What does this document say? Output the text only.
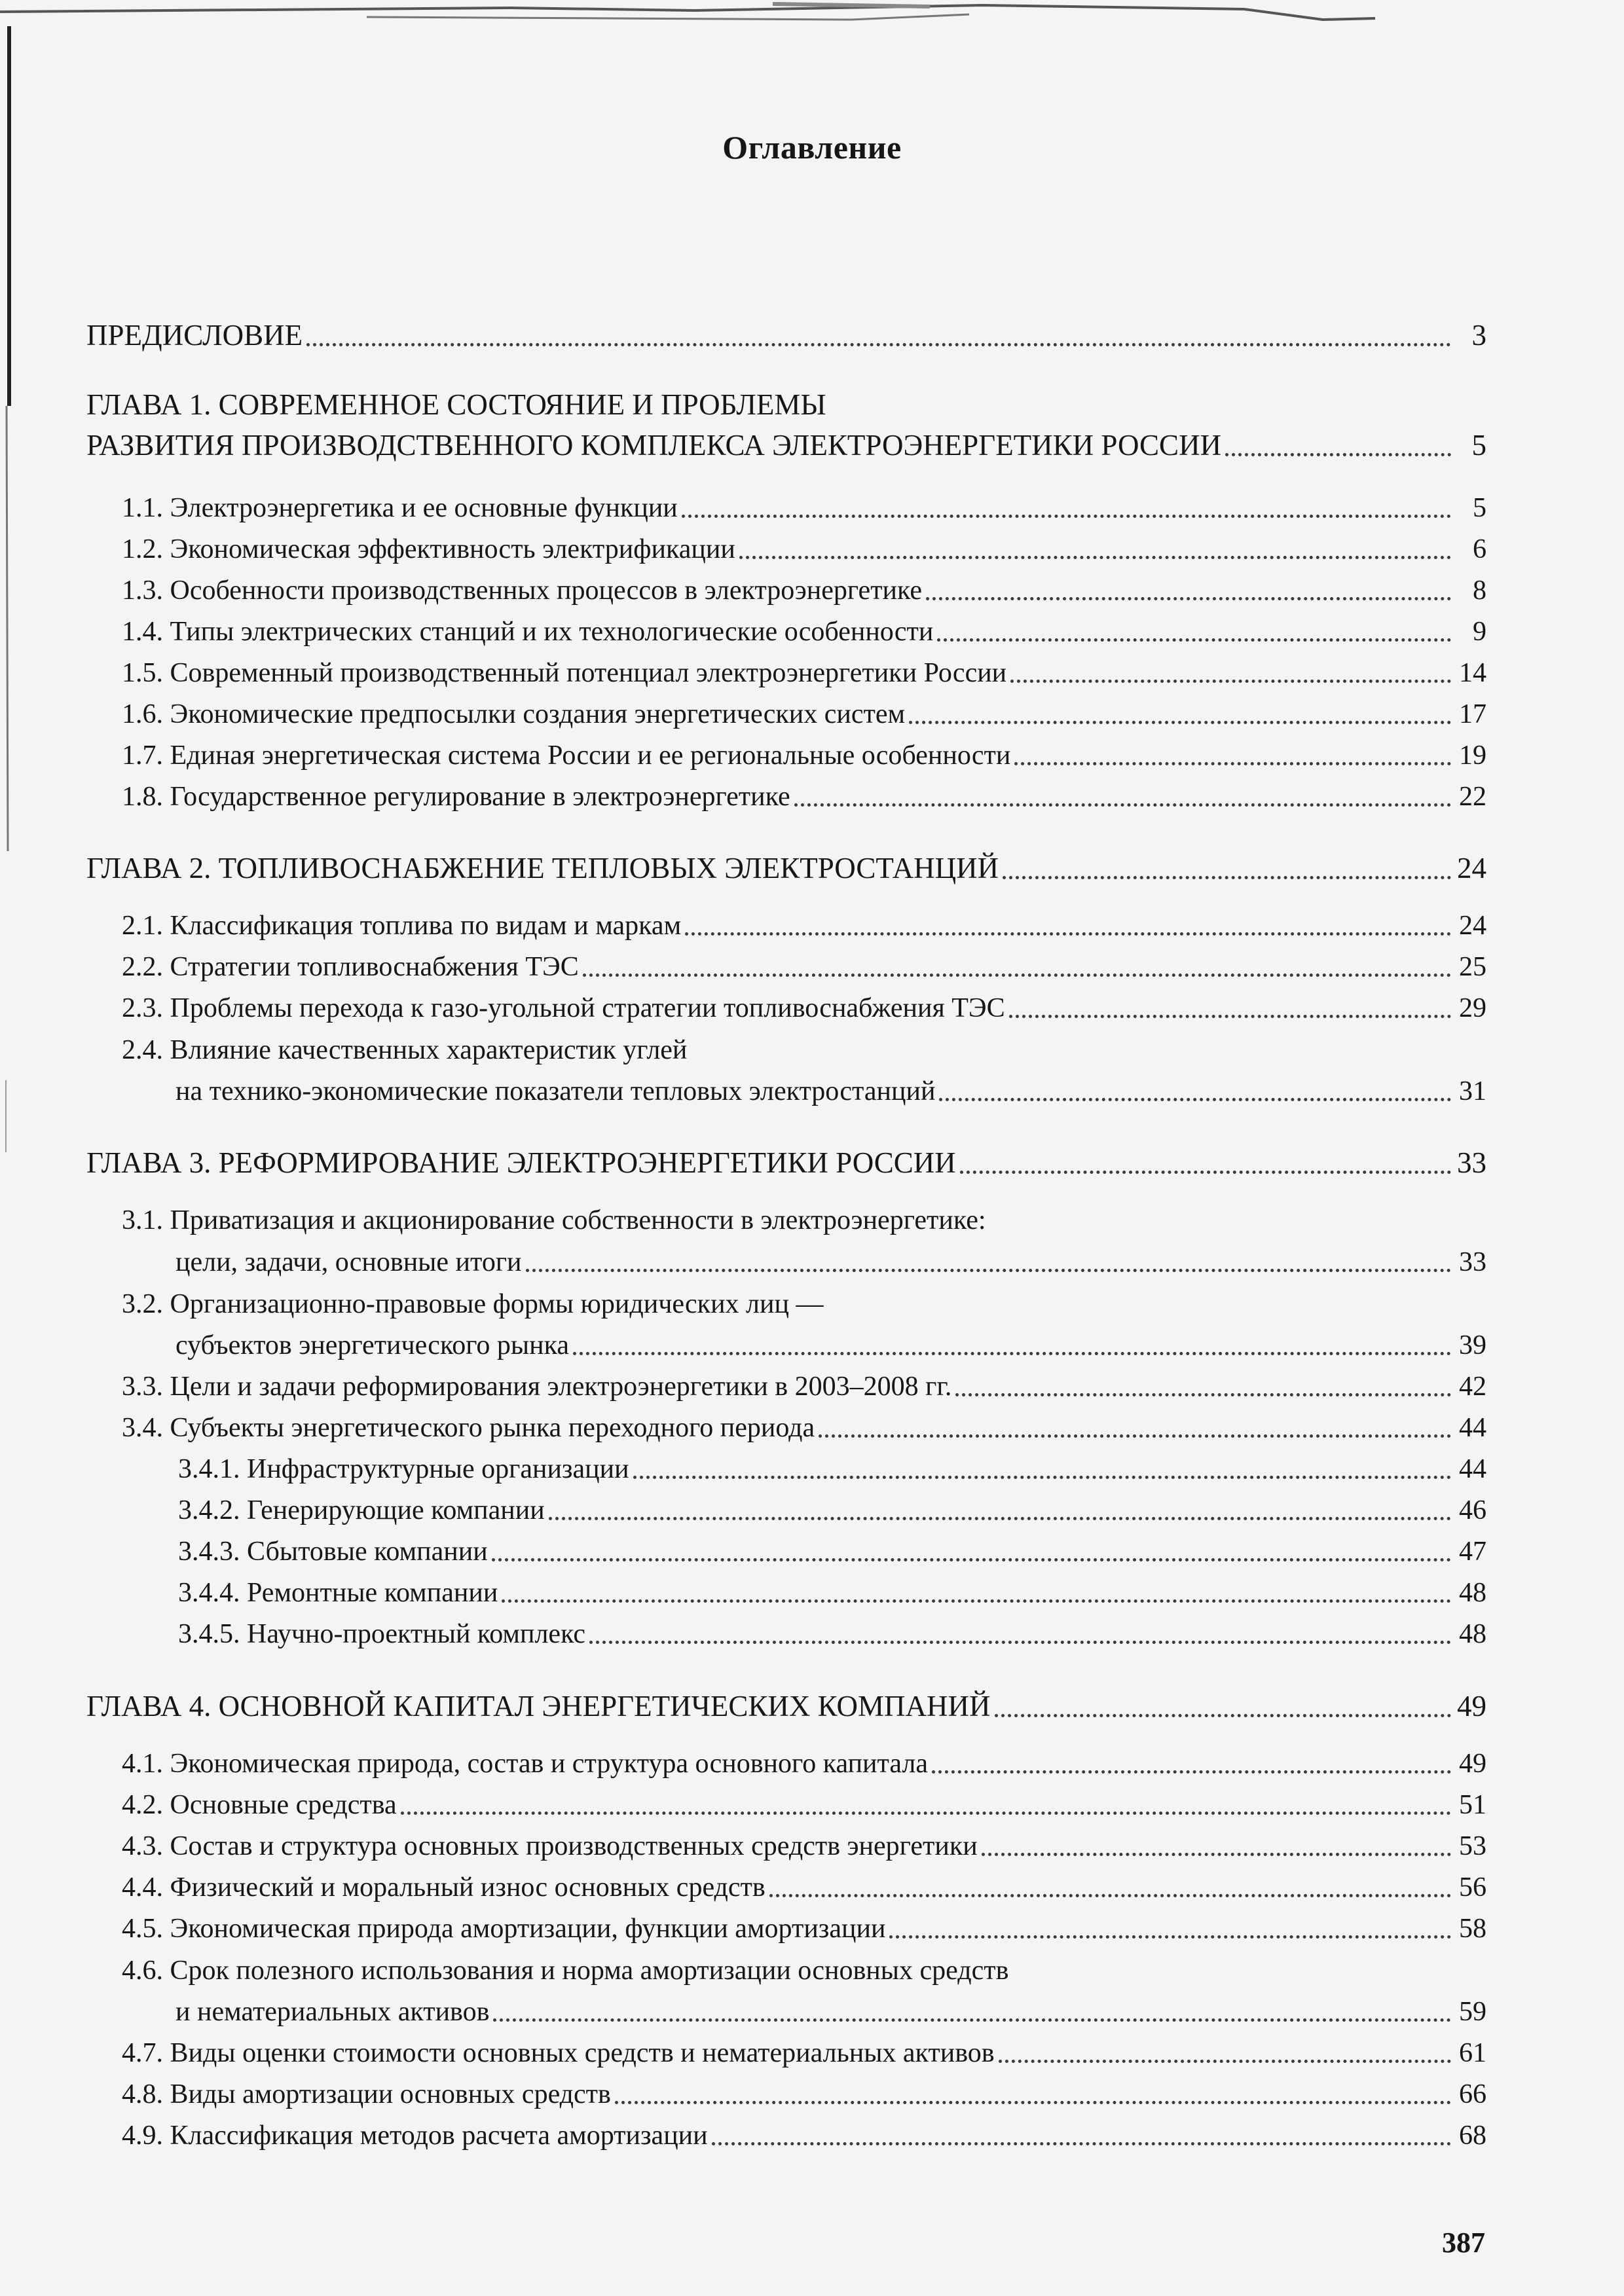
Оглавление
ПРЕДИСЛОВИЕ	3
ГЛАВА 1. СОВРЕМЕННОЕ СОСТОЯНИЕ И ПРОБЛЕМЫ
РАЗВИТИЯ ПРОИЗВОДСТВЕННОГО КОМПЛЕКСА ЭЛЕКТРОЭНЕРГЕТИКИ РОССИИ	5
1.1. Электроэнергетика и ее основные функции	5
1.2. Экономическая эффективность электрификации	6
1.3. Особенности производственных процессов в электроэнергетике	8
1.4. Типы электрических станций и их технологические особенности	9
1.5. Современный производственный потенциал электроэнергетики России	14
1.6. Экономические предпосылки создания энергетических систем	17
1.7. Единая энергетическая система России и ее региональные особенности	19
1.8. Государственное регулирование в электроэнергетике	22
ГЛАВА 2. ТОПЛИВОСНАБЖЕНИЕ ТЕПЛОВЫХ ЭЛЕКТРОСТАНЦИЙ	24
2.1. Классификация топлива по видам и маркам	24
2.2. Стратегии топливоснабжения ТЭС	25
2.3. Проблемы перехода к газо-угольной стратегии топливоснабжения ТЭС	29
2.4. Влияние качественных характеристик углей
на технико-экономические показатели тепловых электростанций	31
ГЛАВА 3. РЕФОРМИРОВАНИЕ ЭЛЕКТРОЭНЕРГЕТИКИ РОССИИ	33
3.1. Приватизация и акционирование собственности в электроэнергетике:
цели, задачи, основные итоги	33
3.2. Организационно-правовые формы юридических лиц —
субъектов энергетического рынка	39
3.3. Цели и задачи реформирования электроэнергетики в 2003–2008 гг.	42
3.4. Субъекты энергетического рынка переходного периода	44
3.4.1. Инфраструктурные организации	44
3.4.2. Генерирующие компании	46
3.4.3. Сбытовые компании	47
3.4.4. Ремонтные компании	48
3.4.5. Научно-проектный комплекс	48
ГЛАВА 4. ОСНОВНОЙ КАПИТАЛ ЭНЕРГЕТИЧЕСКИХ КОМПАНИЙ	49
4.1. Экономическая природа, состав и структура основного капитала	49
4.2. Основные средства	51
4.3. Состав и структура основных производственных средств энергетики	53
4.4. Физический и моральный износ основных средств	56
4.5. Экономическая природа амортизации, функции амортизации	58
4.6. Срок полезного использования и норма амортизации основных средств
и нематериальных активов	59
4.7. Виды оценки стоимости основных средств и нематериальных активов	61
4.8. Виды амортизации основных средств	66
4.9. Классификация методов расчета амортизации	68
387
